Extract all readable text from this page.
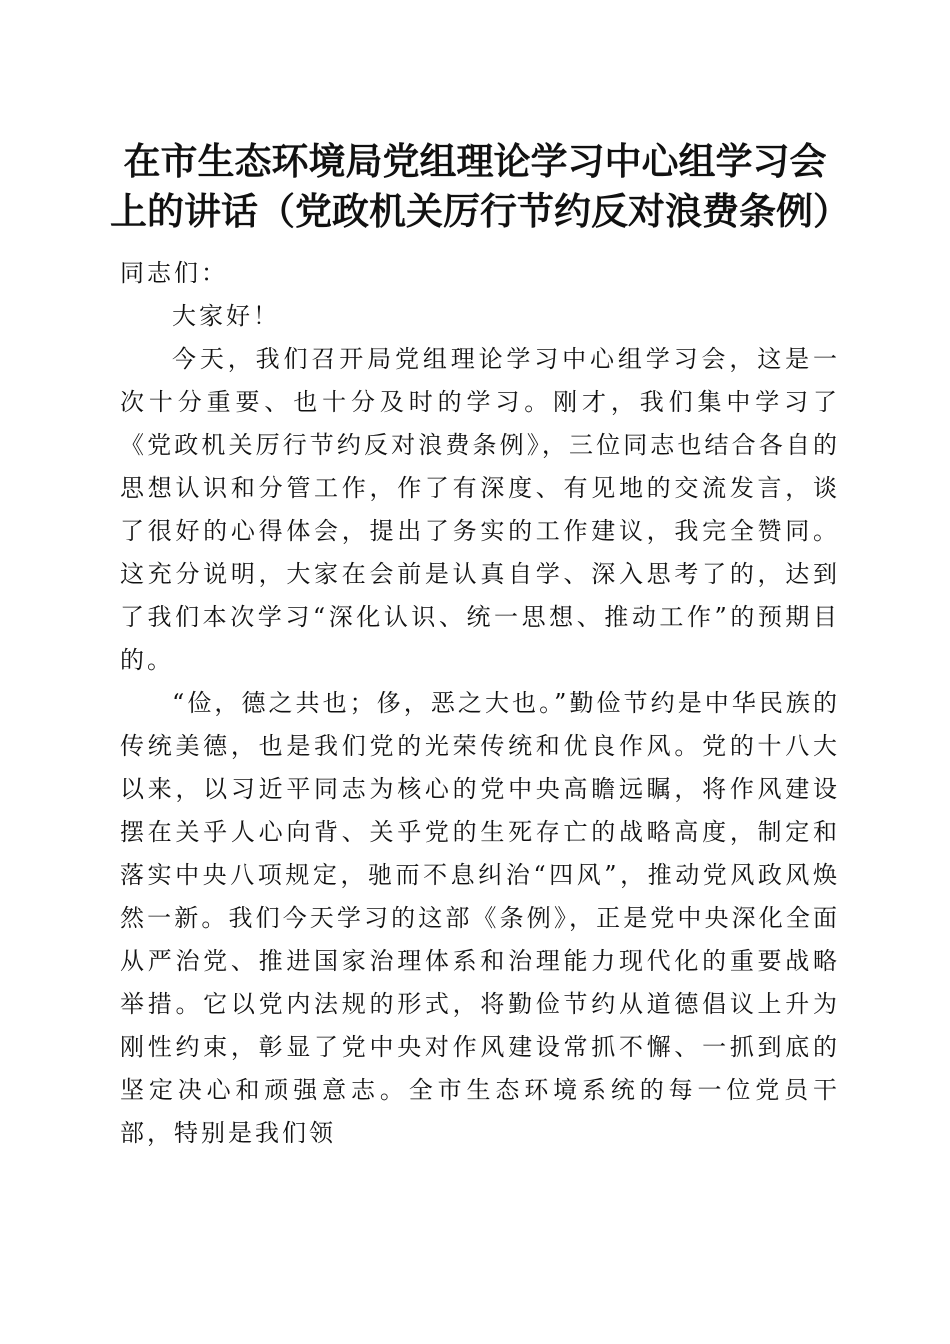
在市生态环境局党组理论学习中心组学习会上的讲话（党政机关厉行节约反对浪费条例）

同志们：

大家好！

今天，我们召开局党组理论学习中心组学习会，这是一次十分重要、也十分及时的学习。刚才，我们集中学习了《党政机关厉行节约反对浪费条例》，三位同志也结合各自的思想认识和分管工作，作了有深度、有见地的交流发言，谈了很好的心得体会，提出了务实的工作建议，我完全赞同。这充分说明，大家在会前是认真自学、深入思考了的，达到了我们本次学习“深化认识、统一思想、推动工作”的预期目的。

“俭，德之共也；侈，恶之大也。”勤俭节约是中华民族的传统美德，也是我们党的光荣传统和优良作风。党的十八大以来，以习近平同志为核心的党中央高瞻远瞩，将作风建设摆在关乎人心向背、关乎党的生死存亡的战略高度，制定和落实中央八项规定，驰而不息纠治“四风”，推动党风政风焕然一新。我们今天学习的这部《条例》，正是党中央深化全面从严治党、推进国家治理体系和治理能力现代化的重要战略举措。它以党内法规的形式，将勤俭节约从道德倡议上升为刚性约束，彰显了党中央对作风建设常抓不懈、一抓到底的坚定决心和顽强意志。全市生态环境系统的每一位党员干部，特别是我们领
